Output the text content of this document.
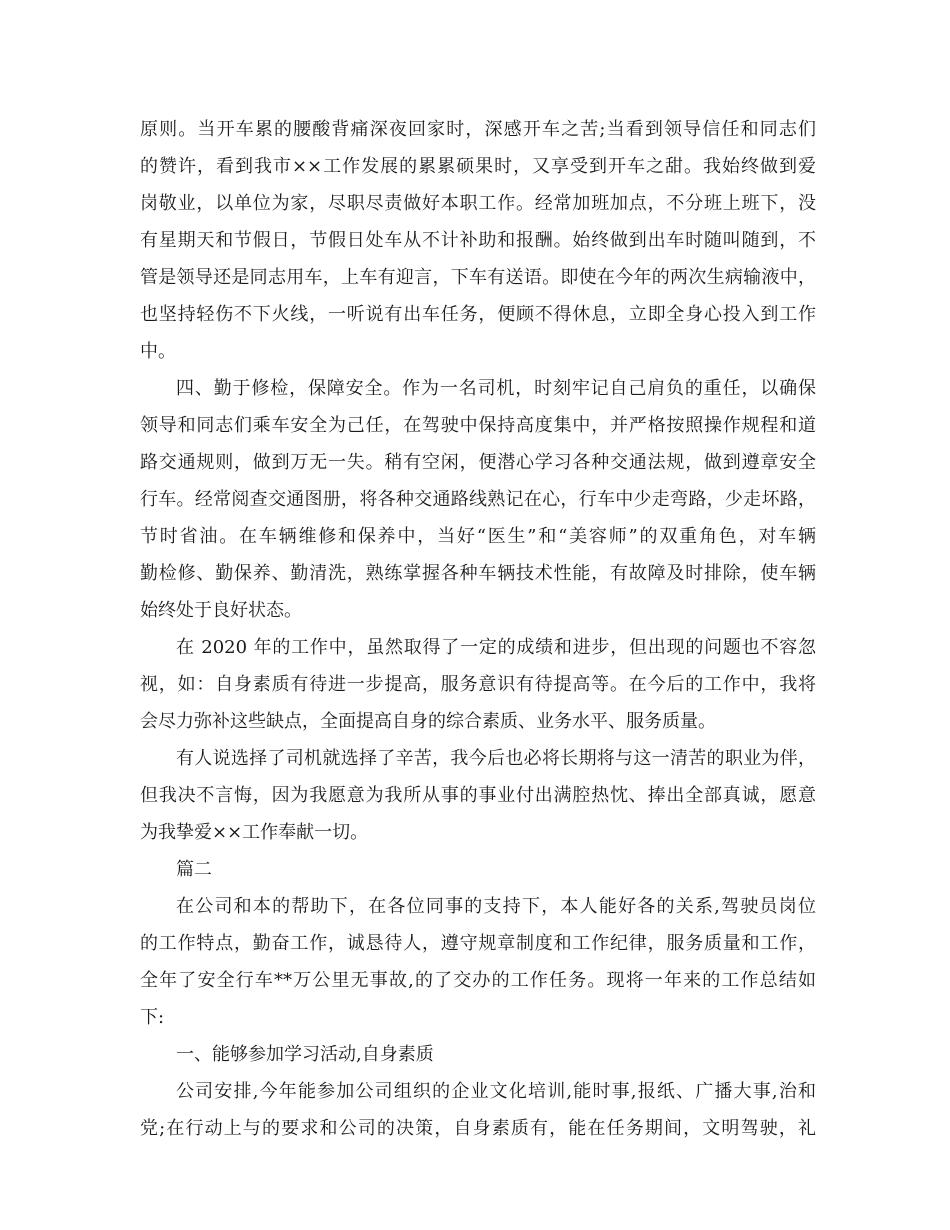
原则。当开车累的腰酸背痛深夜回家时，深感开车之苦;当看到领导信任和同志们
的赞许，看到我市××工作发展的累累硕果时，又享受到开车之甜。我始终做到爱
岗敬业，以单位为家，尽职尽责做好本职工作。经常加班加点，不分班上班下，没
有星期天和节假日，节假日处车从不计补助和报酬。始终做到出车时随叫随到，不
管是领导还是同志用车，上车有迎言，下车有送语。即使在今年的两次生病输液中，
也坚持轻伤不下火线，一听说有出车任务，便顾不得休息，立即全身心投入到工作
中。
四、勤于修检，保障安全。作为一名司机，时刻牢记自己肩负的重任，以确保
领导和同志们乘车安全为己任，在驾驶中保持高度集中，并严格按照操作规程和道
路交通规则，做到万无一失。稍有空闲，便潜心学习各种交通法规，做到遵章安全
行车。经常阅查交通图册，将各种交通路线熟记在心，行车中少走弯路，少走坏路，
节时省油。在车辆维修和保养中，当好“医生”和“美容师”的双重角色，对车辆
勤检修、勤保养、勤清洗，熟练掌握各种车辆技术性能，有故障及时排除，使车辆
始终处于良好状态。
在 2020 年的工作中，虽然取得了一定的成绩和进步，但出现的问题也不容忽
视，如：自身素质有待进一步提高，服务意识有待提高等。在今后的工作中，我将
会尽力弥补这些缺点，全面提高自身的综合素质、业务水平、服务质量。
有人说选择了司机就选择了辛苦，我今后也必将长期将与这一清苦的职业为伴，
但我决不言悔，因为我愿意为我所从事的事业付出满腔热忱、捧出全部真诚，愿意
为我挚爱××工作奉献一切。
篇二
在公司和本的帮助下，在各位同事的支持下，本人能好各的关系,驾驶员岗位
的工作特点，勤奋工作，诚恳待人，遵守规章制度和工作纪律，服务质量和工作，
全年了安全行车**万公里无事故,的了交办的工作任务。现将一年来的工作总结如
下:
一、能够参加学习活动,自身素质
公司安排,今年能参加公司组织的企业文化培训,能时事,报纸、广播大事,治和
党;在行动上与的要求和公司的决策，自身素质有，能在任务期间，文明驾驶，礼
